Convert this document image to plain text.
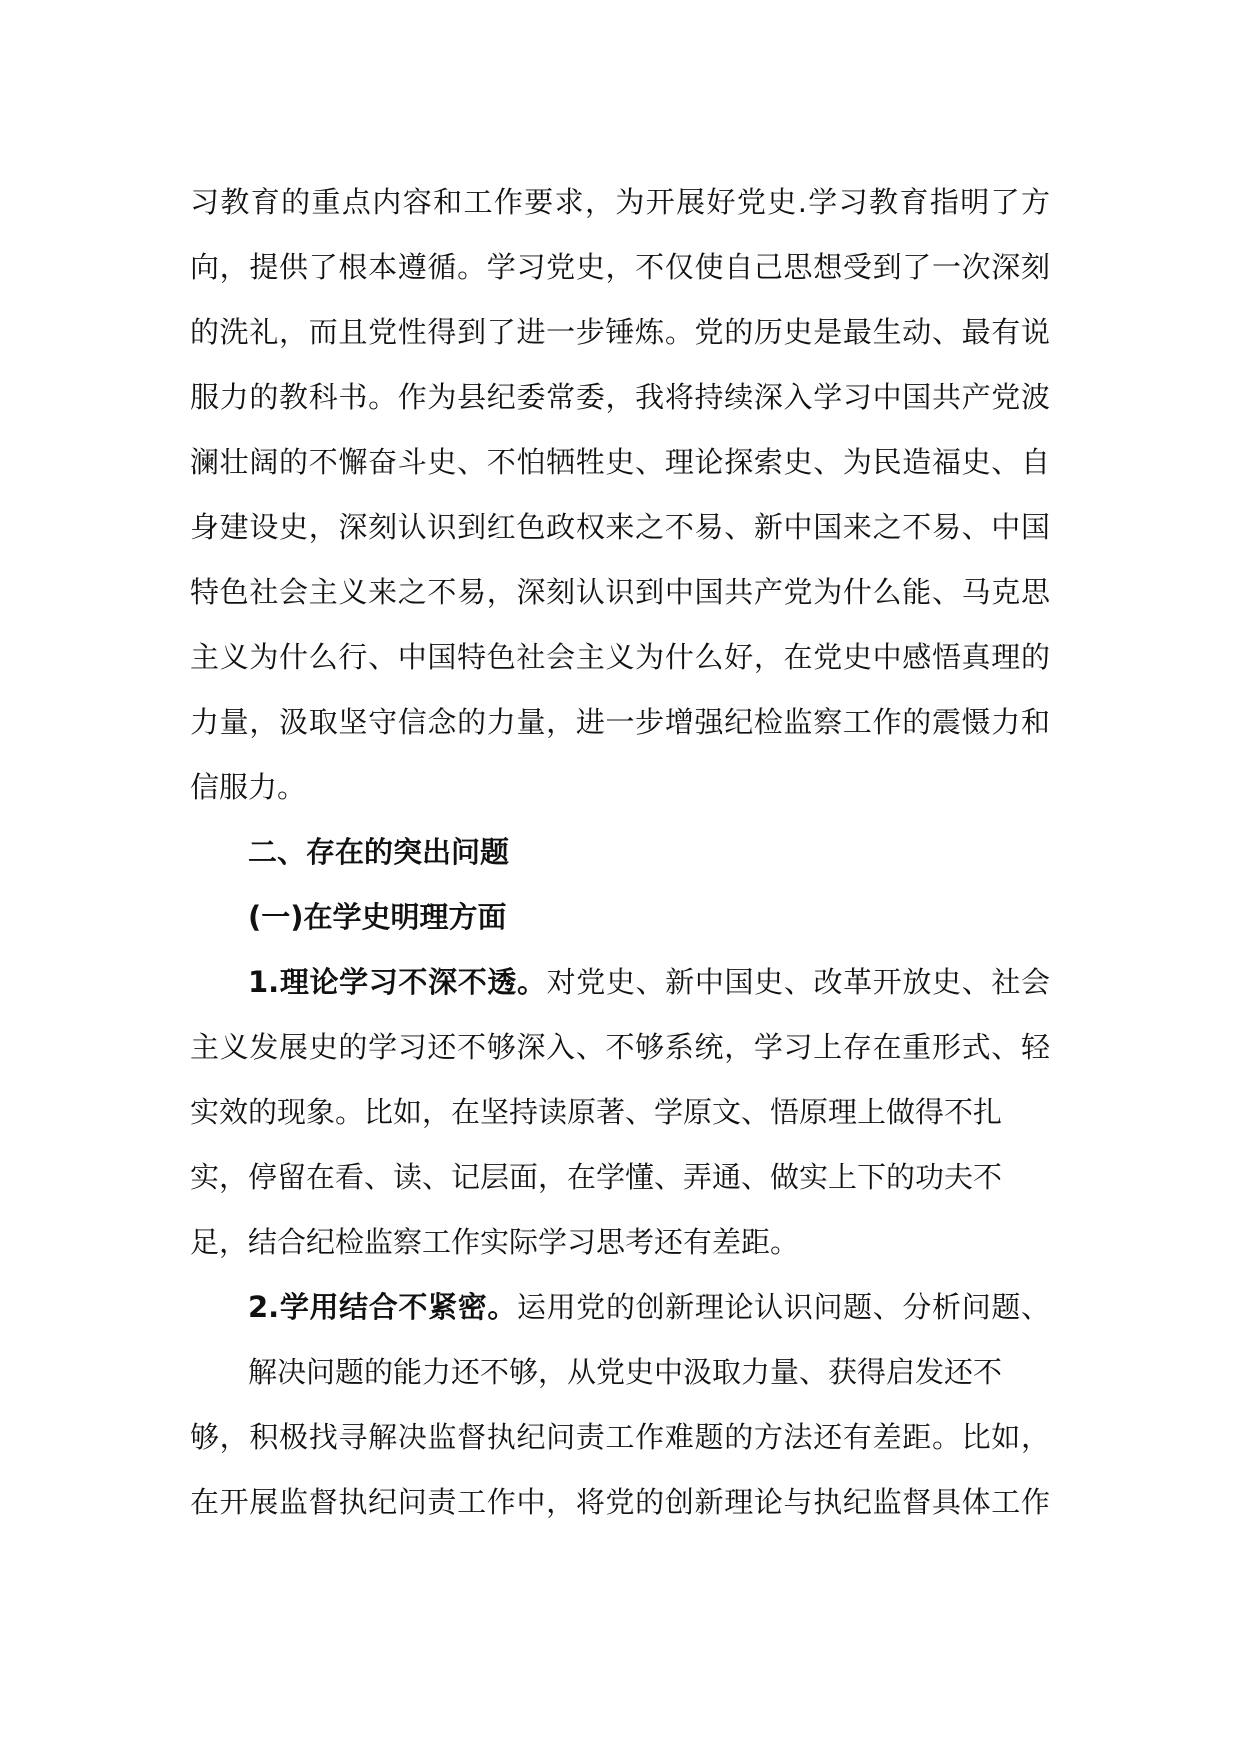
习教育的重点内容和工作要求，为开展好党史.学习教育指明了方
向，提供了根本遵循。学习党史，不仅使自己思想受到了一次深刻
的洗礼，而且党性得到了进一步锤炼。党的历史是最生动、最有说
服力的教科书。作为县纪委常委，我将持续深入学习中国共产党波
澜壮阔的不懈奋斗史、不怕牺牲史、理论探索史、为民造福史、自
身建设史，深刻认识到红色政权来之不易、新中国来之不易、中国
特色社会主义来之不易，深刻认识到中国共产党为什么能、马克思
主义为什么行、中国特色社会主义为什么好，在党史中感悟真理的
力量，汲取坚守信念的力量，进一步增强纪检监察工作的震慑力和
信服力。
二、存在的突出问题
(一)在学史明理方面
1.理论学习不深不透。对党史、新中国史、改革开放史、社会
主义发展史的学习还不够深入、不够系统，学习上存在重形式、轻
实效的现象。比如，在坚持读原著、学原文、悟原理上做得不扎
实，停留在看、读、记层面，在学懂、弄通、做实上下的功夫不
足，结合纪检监察工作实际学习思考还有差距。
2.学用结合不紧密。运用党的创新理论认识问题、分析问题、
解决问题的能力还不够，从党史中汲取力量、获得启发还不
够，积极找寻解决监督执纪问责工作难题的方法还有差距。比如，
在开展监督执纪问责工作中，将党的创新理论与执纪监督具体工作
